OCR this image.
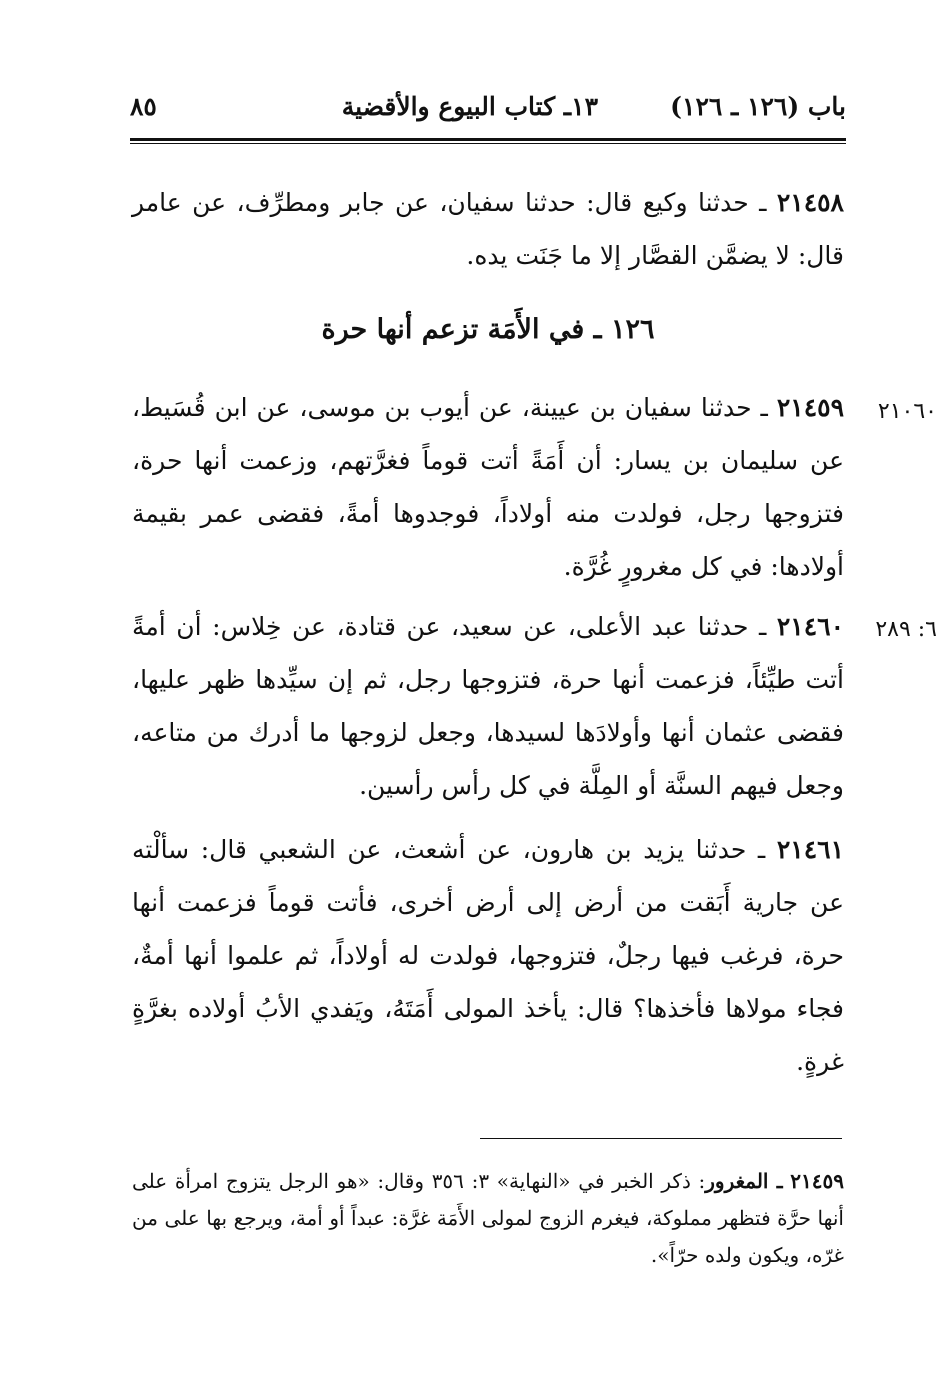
باب (١٢٦ ـ ١٢٦)
١٣ـ كتاب البيوع والأقضية
٨٥
٢١٤٥٨ ـ حدثنا وكيع قال: حدثنا سفيان، عن جابر ومطرِّف، عن عامر قال: لا يضمَّن القصَّار إلا ما جَنَت يده.
١٢٦ ـ في الأَمَة تزعم أنها حرة
٢١٠٦٠
٢١٤٥٩ ـ حدثنا سفيان بن عيينة، عن أيوب بن موسى، عن ابن قُسَيط، عن سليمان بن يسار: أن أَمَةً أتت قوماً فغرَّتهم، وزعمت أنها حرة، فتزوجها رجل، فولدت منه أولاداً، فوجدوها أمةً، فقضى عمر بقيمة أولادها: في كل مغرورٍ غُرَّة.
٦: ٢٨٩
٢١٤٦٠ ـ حدثنا عبد الأعلى، عن سعيد، عن قتادة، عن خِلاس: أن أمةً أتت طيِّئاً، فزعمت أنها حرة، فتزوجها رجل، ثم إن سيِّدها ظهر عليها، فقضى عثمان أنها وأولادَها لسيدها، وجعل لزوجها ما أدرك من متاعه، وجعل فيهم السنَّة أو المِلَّة في كل رأس رأسين.
٢١٤٦١ ـ حدثنا يزيد بن هارون، عن أشعث، عن الشعبي قال: سألْته عن جارية أَبَقت من أرض إلى أرض أخرى، فأتت قوماً فزعمت أنها حرة، فرغب فيها رجلٌ، فتزوجها، فولدت له أولاداً، ثم علموا أنها أمةٌ، فجاء مولاها فأخذها؟ قال: يأخذ المولى أَمَتَهُ، ويَفدي الأبُ أولاده بغرَّةٍ غرةٍ.
٢١٤٥٩ ـ المغرور: ذكر الخبر في «النهاية» ٣: ٣٥٦ وقال: «هو الرجل يتزوج امرأة على أنها حرَّة فتظهر مملوكة، فيغرم الزوج لمولى الأَمَة غرَّة: عبداً أو أمة، ويرجع بها على من غرّه، ويكون ولده حرّاً».
